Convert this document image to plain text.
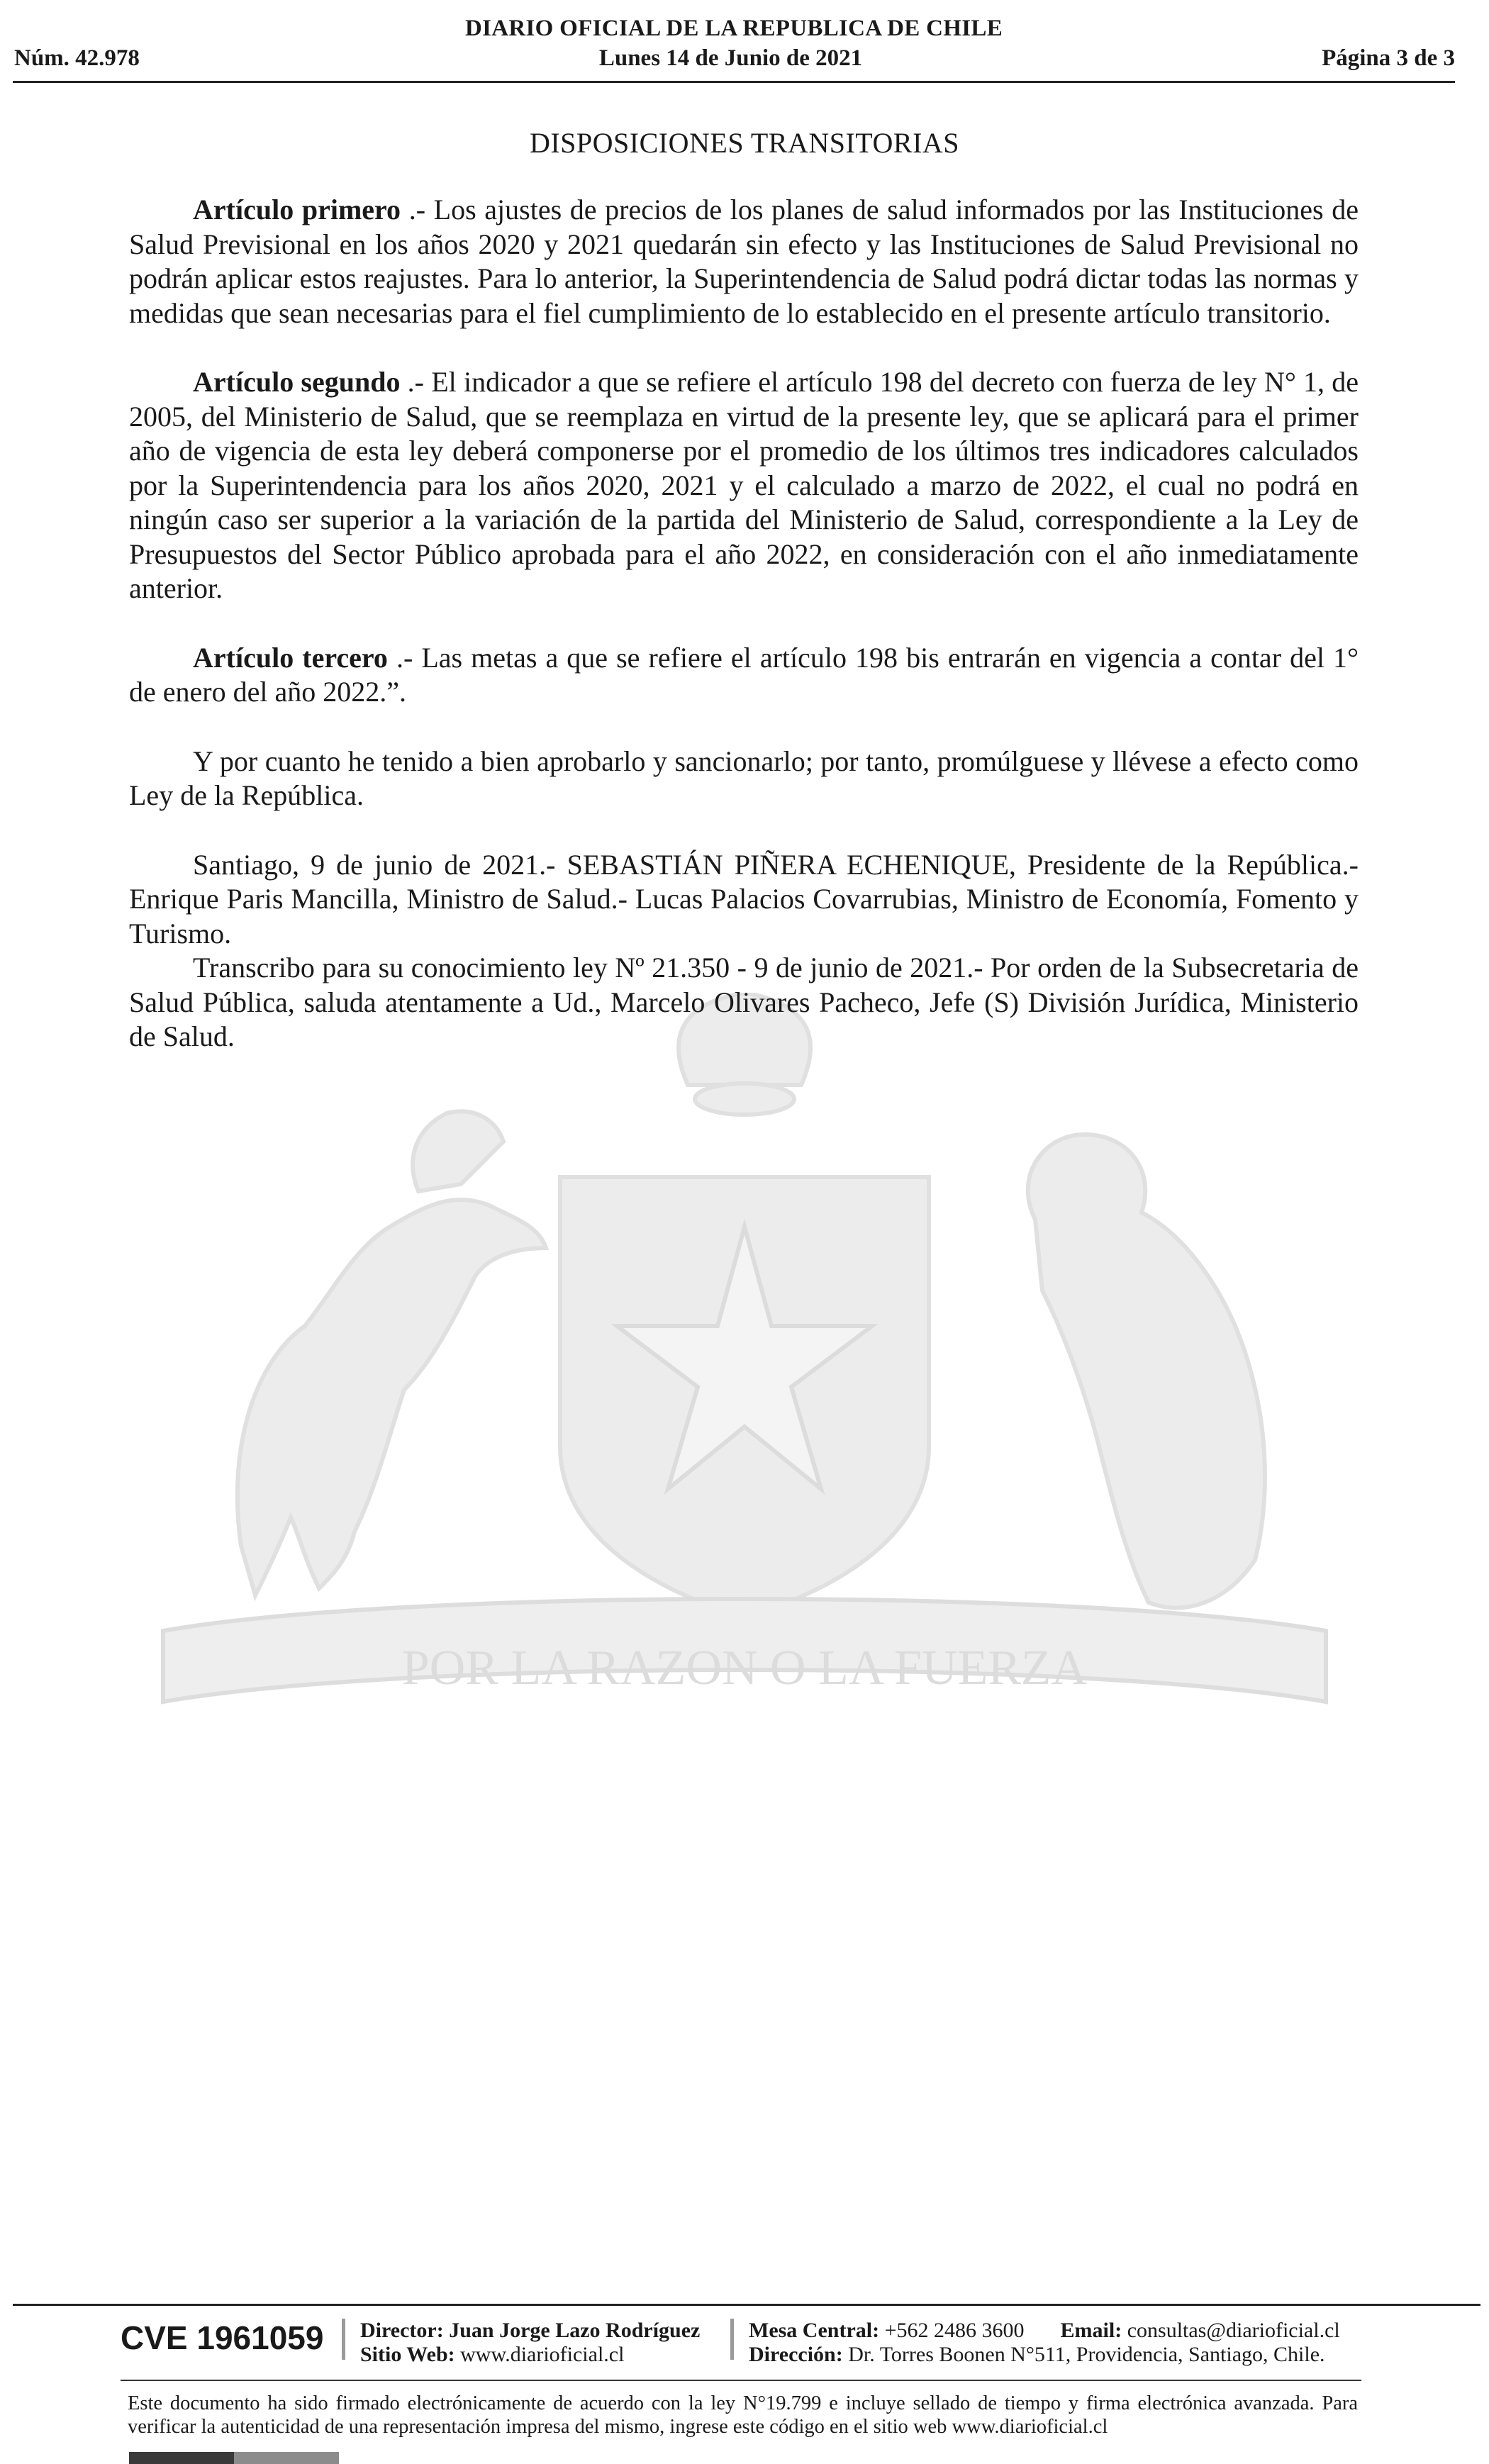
DIARIO OFICIAL DE LA REPUBLICA DE CHILE
Núm. 42.978	Lunes 14 de Junio de 2021	Página 3 de 3
POR LA RAZON O LA FUERZA
DISPOSICIONES TRANSITORIAS

Artículo primero .- Los ajustes de precios de los planes de salud informados por las Instituciones de Salud Previsional en los años 2020 y 2021 quedarán sin efecto y las Instituciones de Salud Previsional no podrán aplicar estos reajustes. Para lo anterior, la Superintendencia de Salud podrá dictar todas las normas y medidas que sean necesarias para el fiel cumplimiento de lo establecido en el presente artículo transitorio.

Artículo segundo .- El indicador a que se refiere el artículo 198 del decreto con fuerza de ley N° 1, de 2005, del Ministerio de Salud, que se reemplaza en virtud de la presente ley, que se aplicará para el primer año de vigencia de esta ley deberá componerse por el promedio de los últimos tres indicadores calculados por la Superintendencia para los años 2020, 2021 y el calculado a marzo de 2022, el cual no podrá en ningún caso ser superior a la variación de la partida del Ministerio de Salud, correspondiente a la Ley de Presupuestos del Sector Público aprobada para el año 2022, en consideración con el año inmediatamente anterior.

Artículo tercero .- Las metas a que se refiere el artículo 198 bis entrarán en vigencia a contar del 1° de enero del año 2022.”.

Y por cuanto he tenido a bien aprobarlo y sancionarlo; por tanto, promúlguese y llévese a efecto como Ley de la República.

Santiago, 9 de junio de 2021.- SEBASTIÁN PIÑERA ECHENIQUE, Presidente de la República.- Enrique Paris Mancilla, Ministro de Salud.- Lucas Palacios Covarrubias, Ministro de Economía, Fomento y Turismo.

Transcribo para su conocimiento ley Nº 21.350 - 9 de junio de 2021.- Por orden de la Subsecretaria de Salud Pública, saluda atentamente a Ud., Marcelo Olivares Pacheco, Jefe (S) División Jurídica, Ministerio de Salud.

CVE 1961059 Director: Juan Jorge Lazo Rodríguez
Sitio Web: www.diarioficial.cl
Mesa Central: +562 2486 3600 Email: consultas@diarioficial.cl
Dirección: Dr. Torres Boonen N°511, Providencia, Santiago, Chile.
Este documento ha sido firmado electrónicamente de acuerdo con la ley N°19.799 e incluye sellado de tiempo y firma electrónica avanzada. Para verificar la autenticidad de una representación impresa del mismo, ingrese este código en el sitio web www.diarioficial.cl
